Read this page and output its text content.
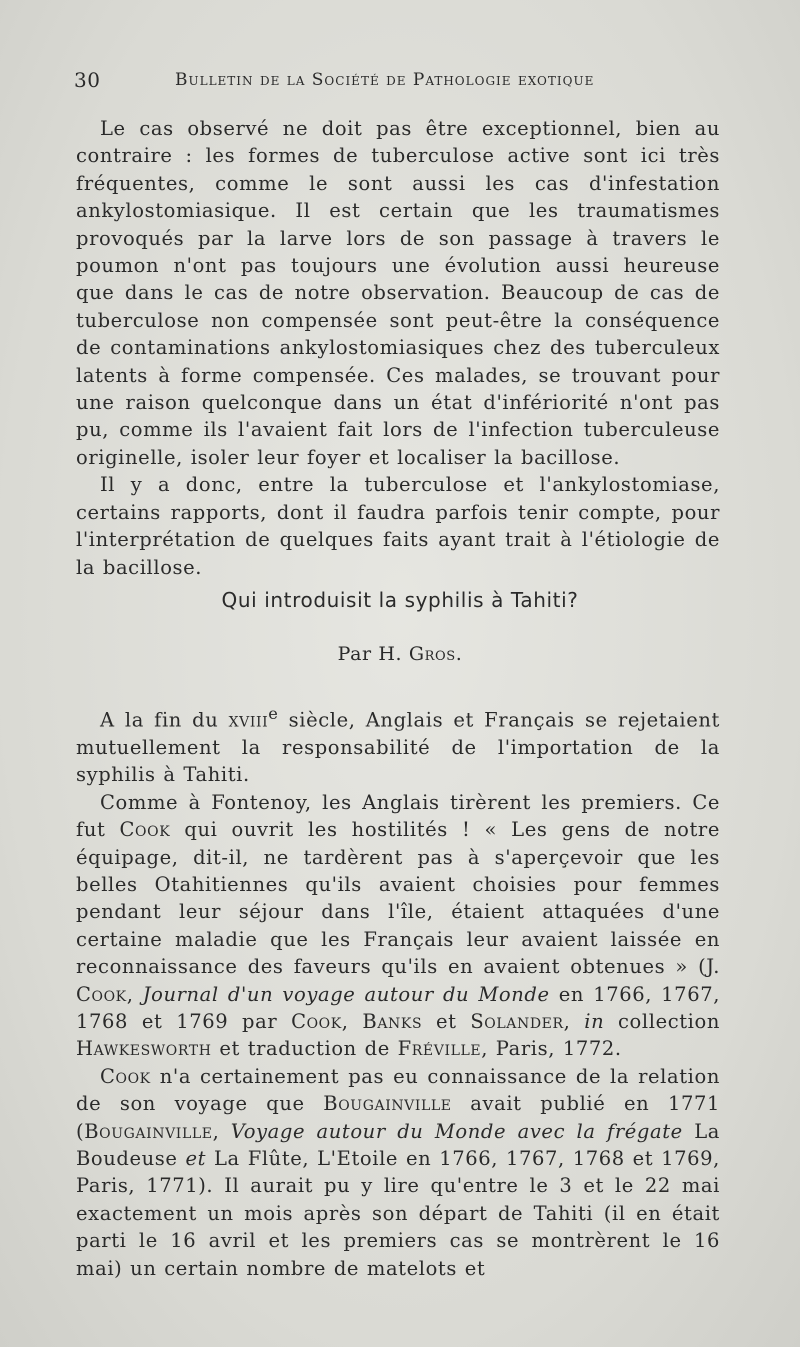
30	Bulletin de la Société de Pathologie exotique

Le cas observé ne doit pas être exceptionnel, bien au contraire : les formes de tuberculose active sont ici très fréquentes, comme le sont aussi les cas d'infestation ankylostomiasique. Il est certain que les traumatismes provoqués par la larve lors de son passage à travers le poumon n'ont pas toujours une évolution aussi heureuse que dans le cas de notre observation. Beaucoup de cas de tuberculose non compensée sont peut-être la conséquence de contaminations ankylostomiasiques chez des tuberculeux latents à forme compensée. Ces malades, se trouvant pour une raison quelconque dans un état d'infériorité n'ont pas pu, comme ils l'avaient fait lors de l'infection tuberculeuse originelle, isoler leur foyer et localiser la bacillose.

Il y a donc, entre la tuberculose et l'ankylostomiase, certains rapports, dont il faudra parfois tenir compte, pour l'interprétation de quelques faits ayant trait à l'étiologie de la bacillose.

Qui introduisit la syphilis à Tahiti?
Par H. Gros.

A la fin du xviii$^e$ siècle, Anglais et Français se rejetaient mutuellement la responsabilité de l'importation de la syphilis à Tahiti.

Comme à Fontenoy, les Anglais tirèrent les premiers. Ce fut Cook qui ouvrit les hostilités ! « Les gens de notre équipage, dit-il, ne tardèrent pas à s'aperçevoir que les belles Otahitiennes qu'ils avaient choisies pour femmes pendant leur séjour dans l'île, étaient attaquées d'une certaine maladie que les Français leur avaient laissée en reconnaissance des faveurs qu'ils en avaient obtenues » (J. Cook, Journal d'un voyage autour du Monde en 1766, 1767, 1768 et 1769 par Cook, Banks et Solander, in collection Hawkesworth et traduction de Fréville, Paris, 1772.

Cook n'a certainement pas eu connaissance de la relation de son voyage que Bougainville avait publié en 1771 (Bougainville, Voyage autour du Monde avec la frégate La Boudeuse et La Flûte, L'Etoile en 1766, 1767, 1768 et 1769, Paris, 1771). Il aurait pu y lire qu'entre le 3 et le 22 mai exactement un mois après son départ de Tahiti (il en était parti le 16 avril et les premiers cas se montrèrent le 16 mai) un certain nombre de matelots et
